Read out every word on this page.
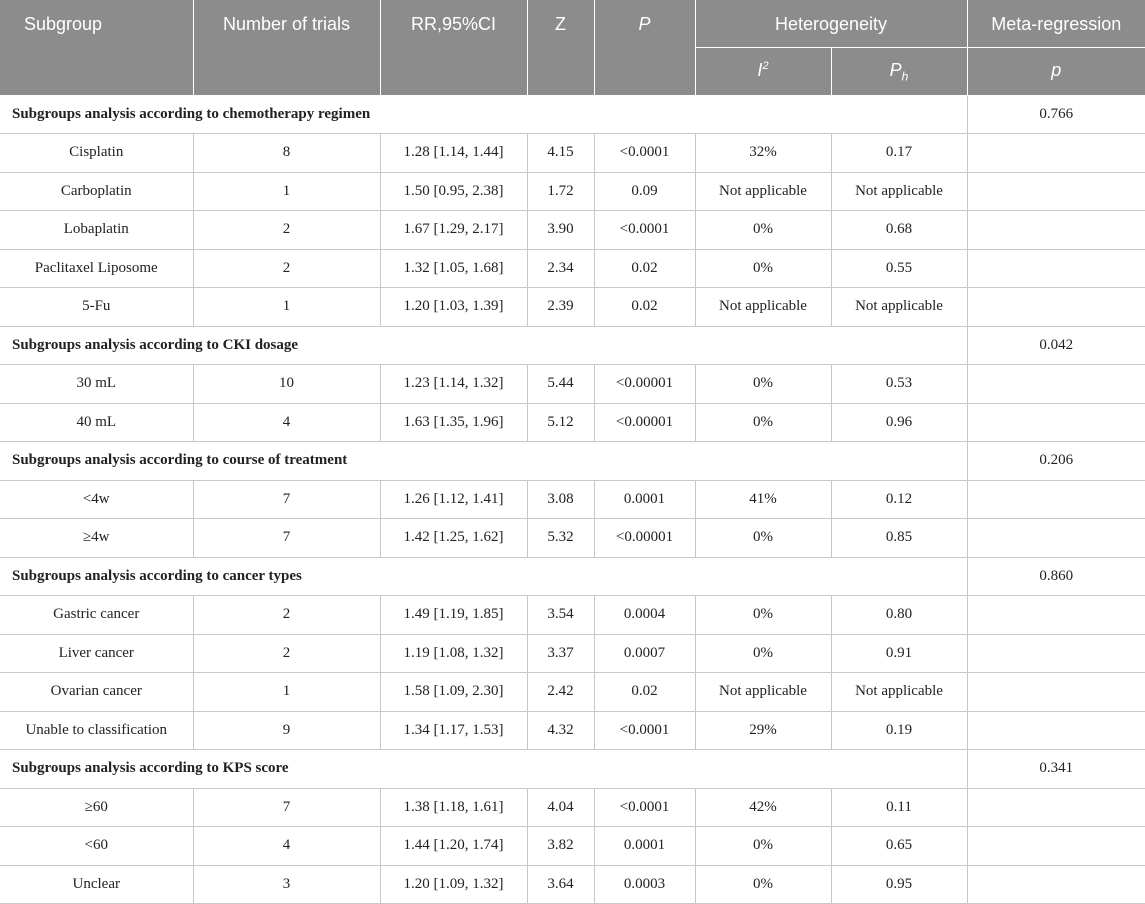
Subgroup	Number of trials	RR,95%CI	Z	P	Heterogeneity		Meta-regression
					$I^2$	$P_h$	p
Subgroups analysis according to chemotherapy regimen							0.766
Cisplatin	8	1.28 [1.14, 1.44]	4.15	<0.0001	32%	0.17	
Carboplatin	1	1.50 [0.95, 2.38]	1.72	0.09	Not applicable	Not applicable	
Lobaplatin	2	1.67 [1.29, 2.17]	3.90	<0.0001	0%	0.68	
Paclitaxel Liposome	2	1.32 [1.05, 1.68]	2.34	0.02	0%	0.55	
5-Fu	1	1.20 [1.03, 1.39]	2.39	0.02	Not applicable	Not applicable	
Subgroups analysis according to CKI dosage							0.042
30 mL	10	1.23 [1.14, 1.32]	5.44	<0.00001	0%	0.53	
40 mL	4	1.63 [1.35, 1.96]	5.12	<0.00001	0%	0.96	
Subgroups analysis according to course of treatment							0.206
<4w	7	1.26 [1.12, 1.41]	3.08	0.0001	41%	0.12	
≥4w	7	1.42 [1.25, 1.62]	5.32	<0.00001	0%	0.85	
Subgroups analysis according to cancer types							0.860
Gastric cancer	2	1.49 [1.19, 1.85]	3.54	0.0004	0%	0.80	
Liver cancer	2	1.19 [1.08, 1.32]	3.37	0.0007	0%	0.91	
Ovarian cancer	1	1.58 [1.09, 2.30]	2.42	0.02	Not applicable	Not applicable	
Unable to classification	9	1.34 [1.17, 1.53]	4.32	<0.0001	29%	0.19	
Subgroups analysis according to KPS score							0.341
≥60	7	1.38 [1.18, 1.61]	4.04	<0.0001	42%	0.11	
<60	4	1.44 [1.20, 1.74]	3.82	0.0001	0%	0.65	
Unclear	3	1.20 [1.09, 1.32]	3.64	0.0003	0%	0.95	
